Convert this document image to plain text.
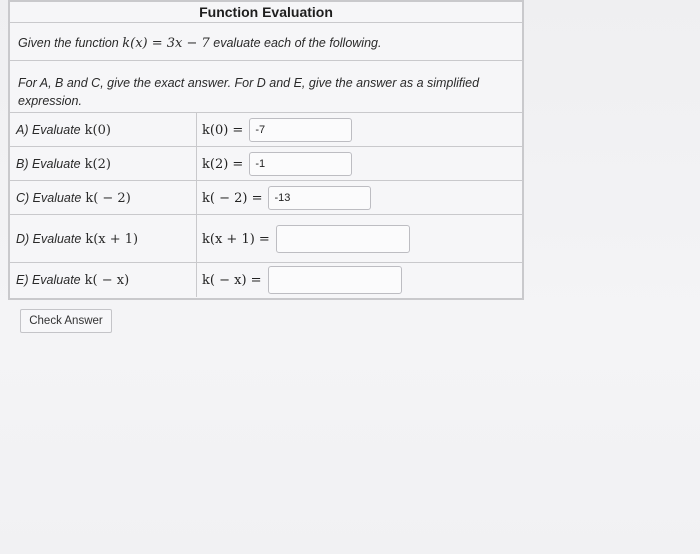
Function Evaluation
Given the function k(x) = 3x − 7 evaluate each of the following.
For A, B and C, give the exact answer. For D and E, give the answer as a simplified expression.
A) Evaluate k(0)	k(0) =
-7
B) Evaluate k(2)	k(2) =
-1
C) Evaluate k( − 2)	k( − 2) =
-13
D) Evaluate k(x + 1)	k(x + 1) =
E) Evaluate k( − x)	k( − x) =
Check Answer
